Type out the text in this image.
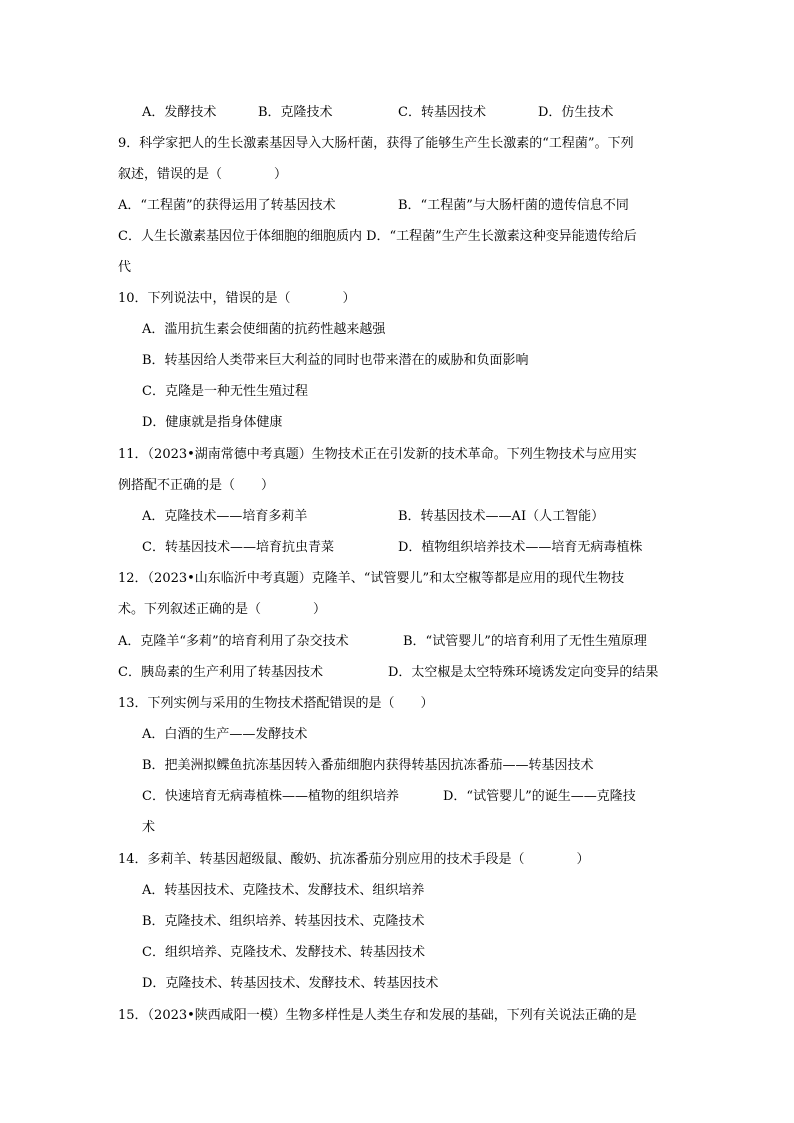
A．发酵技术	B．克隆技术	C．转基因技术	D．仿生技术
9．科学家把人的生长激素基因导入大肠杆菌，获得了能够生产生长激素的“工程菌”。下列
叙述，错误的是（　　　　）
A．“工程菌”的获得运用了转基因技术	B．“工程菌”与大肠杆菌的遗传信息不同
C．人生长激素基因位于体细胞的细胞质内 D．“工程菌”生产生长激素这种变异能遗传给后
代
10．下列说法中，错误的是（　　　　）
A．滥用抗生素会使细菌的抗药性越来越强
B．转基因给人类带来巨大利益的同时也带来潜在的威胁和负面影响
C．克隆是一种无性生殖过程
D．健康就是指身体健康
11．（2023•湖南常德中考真题）生物技术正在引发新的技术革命。下列生物技术与应用实
例搭配不正确的是（　　）
A．克隆技术——培育多莉羊	B．转基因技术——AI（人工智能）
C．转基因技术——培育抗虫青菜	D．植物组织培养技术——培育无病毒植株
12．（2023•山东临沂中考真题）克隆羊、“试管婴儿”和太空椒等都是应用的现代生物技
术。下列叙述正确的是（　　　　）
A．克隆羊“多莉”的培育利用了杂交技术	B．“试管婴儿”的培育利用了无性生殖原理
C．胰岛素的生产利用了转基因技术	D．太空椒是太空特殊环境诱发定向变异的结果
13．下列实例与采用的生物技术搭配错误的是（　　）
A．白酒的生产——发酵技术
B．把美洲拟鲽鱼抗冻基因转入番茄细胞内获得转基因抗冻番茄——转基因技术
C．快速培育无病毒植株——植物的组织培养	D．“试管婴儿”的诞生——克隆技
术
14．多莉羊、转基因超级鼠、酸奶、抗冻番茄分别应用的技术手段是（　　　　）
A．转基因技术、克隆技术、发酵技术、组织培养
B．克隆技术、组织培养、转基因技术、克隆技术
C．组织培养、克隆技术、发酵技术、转基因技术
D．克隆技术、转基因技术、发酵技术、转基因技术
15．（2023•陕西咸阳一模）生物多样性是人类生存和发展的基础，下列有关说法正确的是
